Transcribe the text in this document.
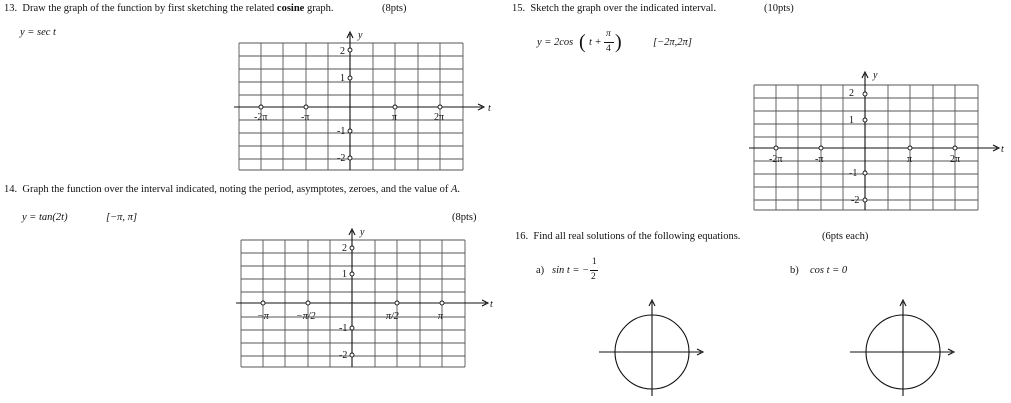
13. Draw the graph of the function by first sketching the related cosine graph.	(8pts)
y = sec t
-2π	-π	π	2π
2
1
-1
-2
t
y
14. Graph the function over the interval indicated, noting the period, asymptotes, zeroes, and the value of A.
y = tan(2t)	[−π, π]	(8pts)
−π	−π/2	π/2	π
2
1
-1
-2
t
y
15. Sketch the graph over the indicated interval.	(10pts)
y = 2cos ( t +
π
4 )	[−2π,2π]
-2π	-π	π	2π
2
1
-1
-2
t
y
16. Find all real solutions of the following equations.	(6pts each)
a) sin t = −
1
2
b) cos t = 0
